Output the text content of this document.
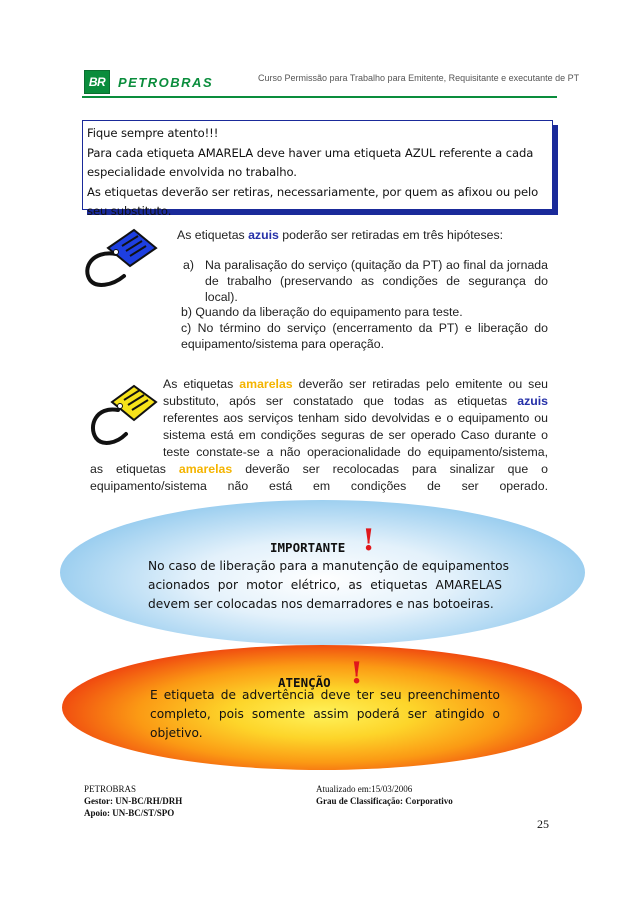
BR PETROBRAS	Curso Permissão para Trabalho para Emitente, Requisitante e executante de PT
Fique sempre atento!!!
Para cada etiqueta AMARELA deve haver uma etiqueta AZUL referente a cada
especialidade envolvida no trabalho.
As etiquetas deverão ser retiras, necessariamente, por quem as afixou ou pelo
seu substituto.
As etiquetas azuis poderão ser retiradas em três hipóteses:
a) Na paralisação do serviço (quitação da PT) ao final da jornada
de trabalho (preservando as condições de segurança do
local).
b) Quando da liberação do equipamento para teste.
c) No término do serviço (encerramento da PT) e liberação do
equipamento/sistema para operação.
As etiquetas amarelas deverão ser retiradas pelo emitente ou seu
substituto, após ser constatado que todas as etiquetas azuis
referentes aos serviços tenham sido devolvidas e o equipamento ou
sistema está em condições seguras de ser operado Caso durante o
teste constate-se a não operacionalidade do equipamento/sistema,
as etiquetas amarelas deverão ser recolocadas para sinalizar que o
equipamento/sistema não está em condições de ser operado.
IMPORTANTE !
No caso de liberação para a manutenção de equipamentos
acionados por motor elétrico, as etiquetas AMARELAS
devem ser colocadas nos demarradores e nas botoeiras.
ATENÇÃO !
E etiqueta de advertência deve ter seu preenchimento
completo, pois somente assim poderá ser atingido o
objetivo.
PETROBRAS
Gestor: UN-BC/RH/DRH
Apoio: UN-BC/ST/SPO
Atualizado em:15/03/2006
Grau de Classificação: Corporativo
25
